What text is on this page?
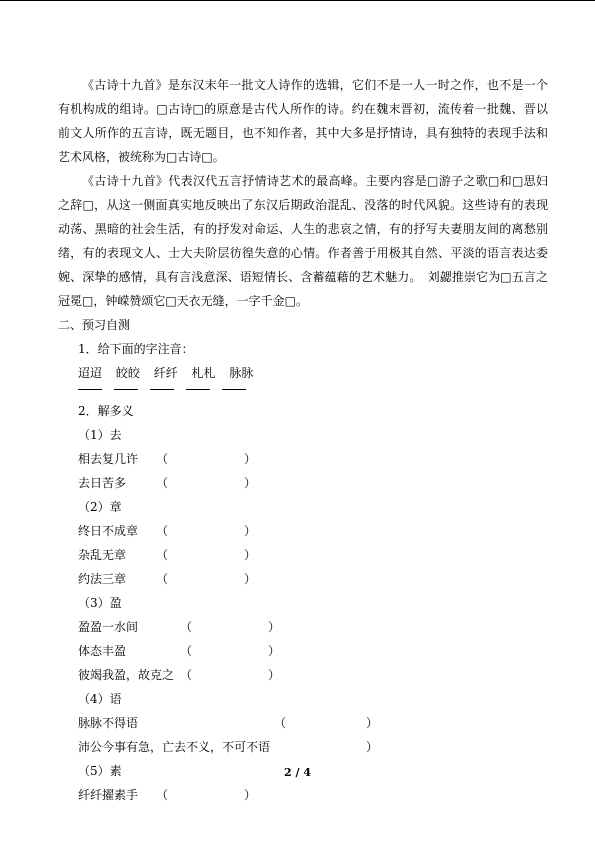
《古诗十九首》是东汉末年一批文人诗作的选辑，它们不是一人一时之作，也不是一个有机构成的组诗。□古诗□的原意是古代人所作的诗。约在魏末晋初，流传着一批魏、晋以前文人所作的五言诗，既无题目，也不知作者，其中大多是抒情诗，具有独特的表现手法和艺术风格，被统称为□古诗□。

《古诗十九首》代表汉代五言抒情诗艺术的最高峰。主要内容是□游子之歌□和□思妇之辞□，从这一侧面真实地反映出了东汉后期政治混乱、没落的时代风貌。这些诗有的表现动荡、黑暗的社会生活，有的抒发对命运、人生的悲哀之情，有的抒写夫妻朋友间的离愁别绪，有的表现文人、士大夫阶层彷徨失意的心情。作者善于用极其自然、平淡的语言表达委婉、深挚的感情，具有言浅意深、语短情长、含蓄蕴藉的艺术魅力。　刘勰推崇它为□五言之冠冕□，钟嵘赞颂它□天衣无缝，一字千金□。

二、预习自测
1．给下面的字注音：
迢迢 皎皎 纤纤 札札 脉脉
2．解多义
（1）去
相去复几许 （	）
去日苦多 （	）
（2）章
终日不成章 （	）
杂乱无章 （	）
约法三章 （	）
（3）盈
盈盈一水间	（	）
体态丰盈	（	）
彼竭我盈，故克之 （	）
（4）语
脉脉不得语	（	）
沛公今事有急，亡去不义，不可不语	）
（5）素
纤纤擢素手 （	）
2 / 4
